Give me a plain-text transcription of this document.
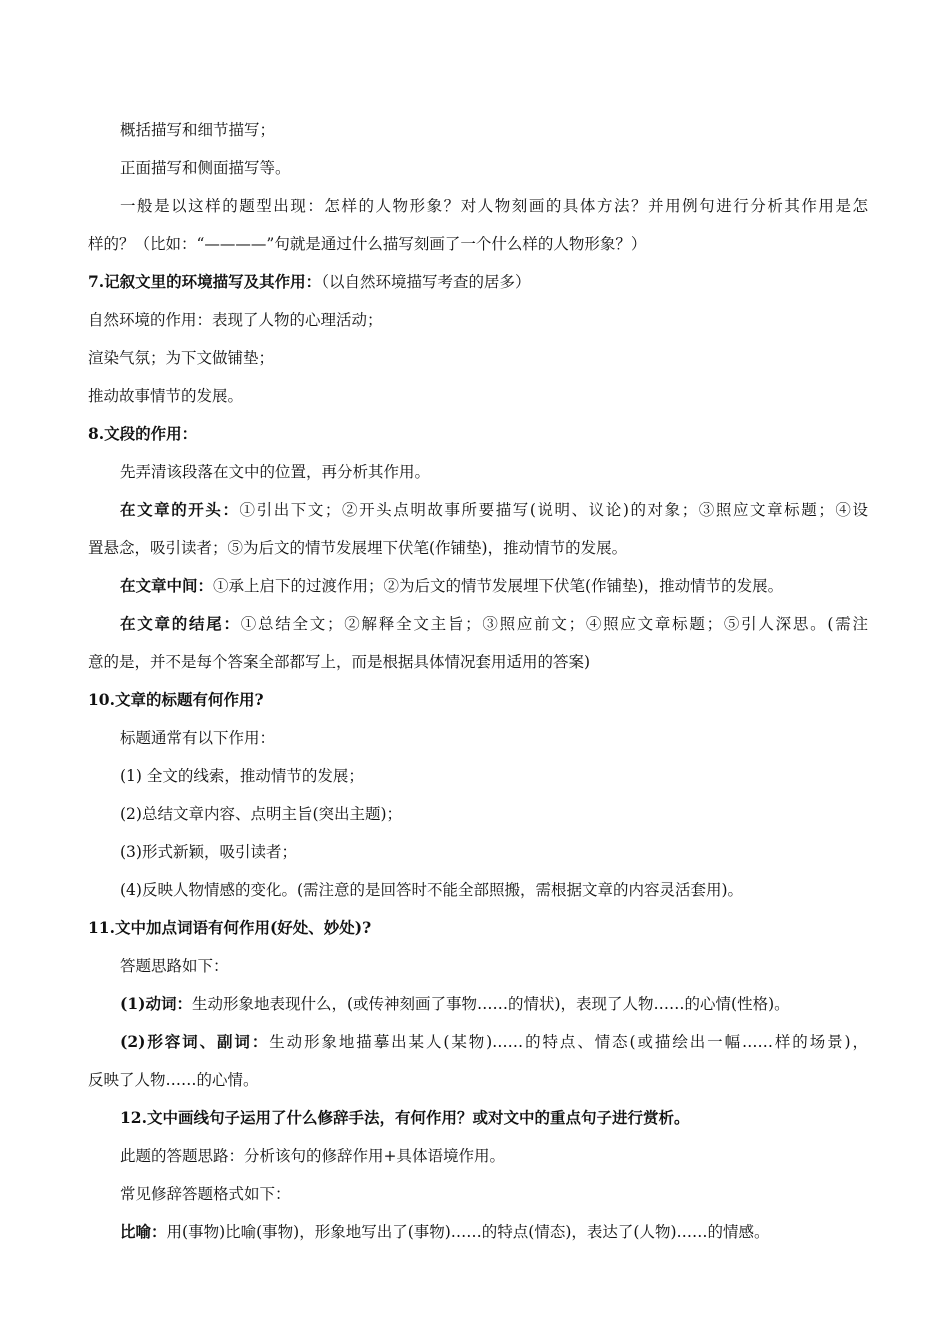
概括描写和细节描写；
正面描写和侧面描写等。
一般是以这样的题型出现：怎样的人物形象？对人物刻画的具体方法？并用例句进行分析其作用是怎
样的？（比如：“————”句就是通过什么描写刻画了一个什么样的人物形象？）
7.记叙文里的环境描写及其作用：（以自然环境描写考查的居多）
自然环境的作用：表现了人物的心理活动；
渲染气氛；为下文做铺垫；
推动故事情节的发展。
8.文段的作用：
先弄清该段落在文中的位置，再分析其作用。
在文章的开头：①引出下文；②开头点明故事所要描写(说明、议论)的对象；③照应文章标题；④设
置悬念，吸引读者；⑤为后文的情节发展埋下伏笔(作铺垫)，推动情节的发展。
在文章中间：①承上启下的过渡作用；②为后文的情节发展埋下伏笔(作铺垫)，推动情节的发展。
在文章的结尾：①总结全文；②解释全文主旨；③照应前文；④照应文章标题；⑤引人深思。(需注
意的是，并不是每个答案全部都写上，而是根据具体情况套用适用的答案)
10.文章的标题有何作用?
标题通常有以下作用：
(1) 全文的线索，推动情节的发展；
(2)总结文章内容、点明主旨(突出主题)；
(3)形式新颖，吸引读者；
(4)反映人物情感的变化。(需注意的是回答时不能全部照搬，需根据文章的内容灵活套用)。
11.文中加点词语有何作用(好处、妙处)?
答题思路如下：
(1)动词：生动形象地表现什么，(或传神刻画了事物……的情状)，表现了人物……的心情(性格)。
(2)形容词、副词：生动形象地描摹出某人(某物)……的特点、情态(或描绘出一幅……样的场景)，
反映了人物……的心情。
12.文中画线句子运用了什么修辞手法，有何作用？或对文中的重点句子进行赏析。
此题的答题思路：分析该句的修辞作用+具体语境作用。
常见修辞答题格式如下：
比喻：用(事物)比喻(事物)，形象地写出了(事物)……的特点(情态)，表达了(人物)……的情感。
